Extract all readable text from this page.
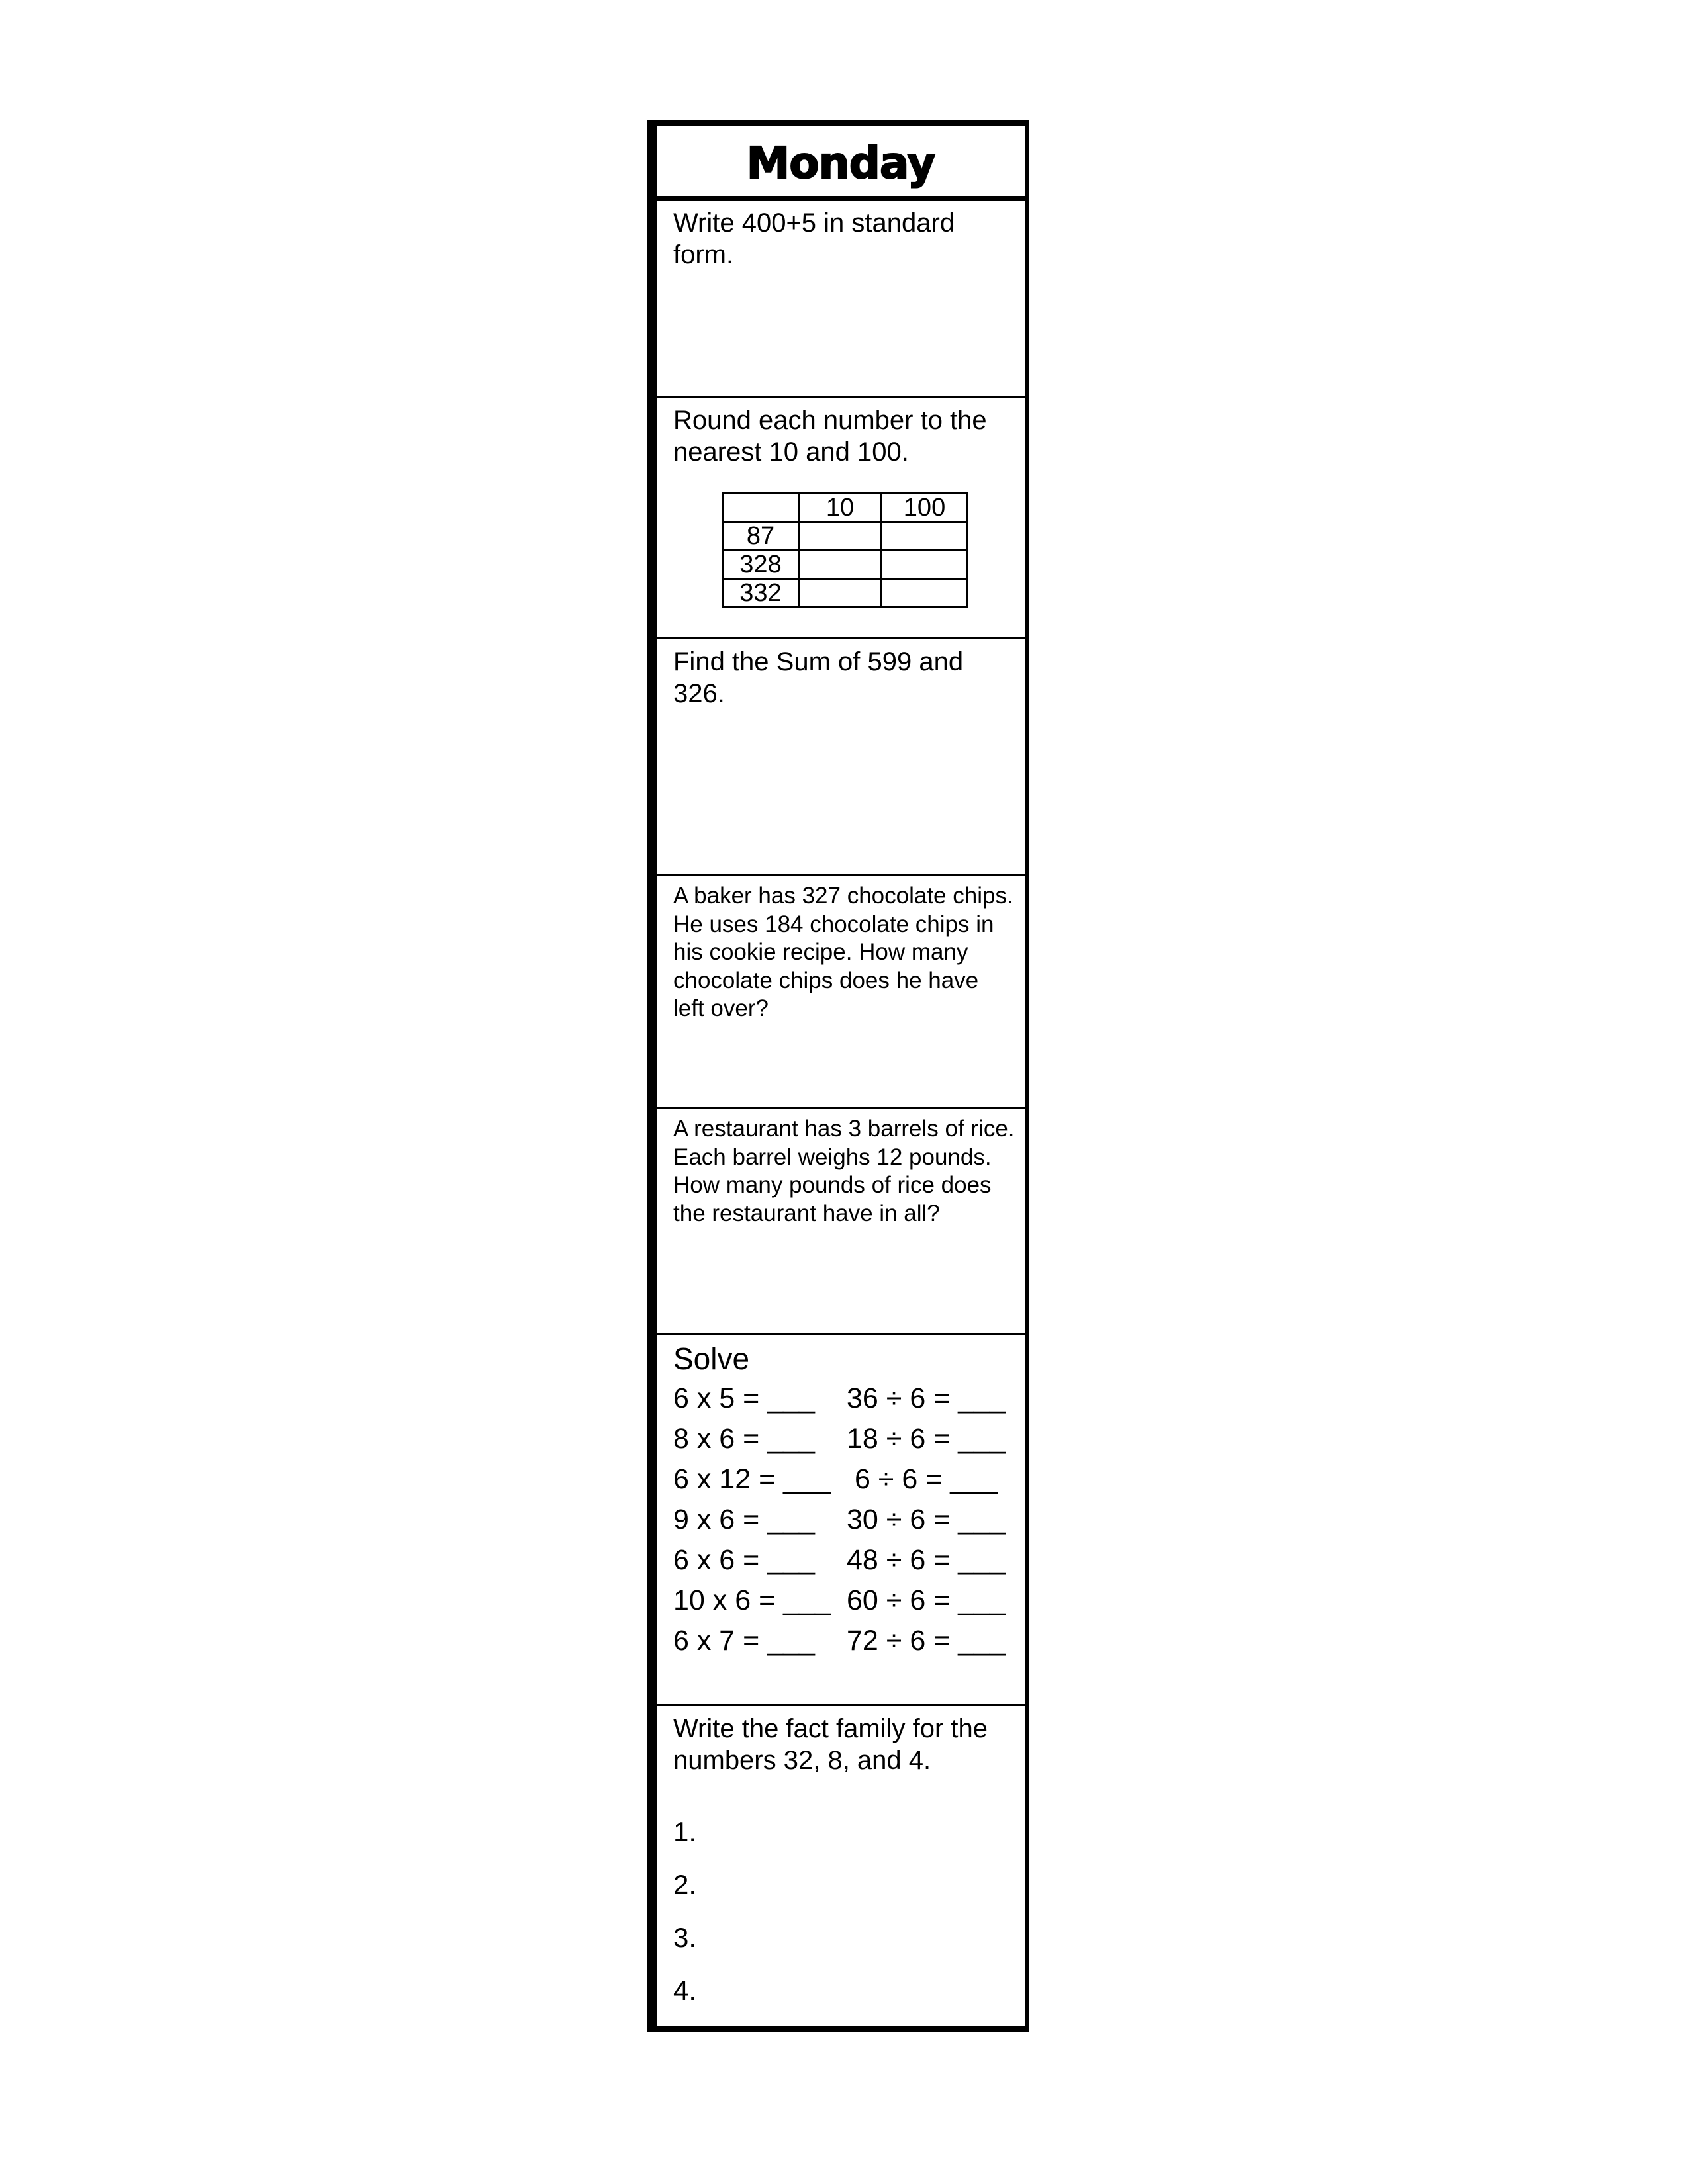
Monday

Write 400+5 in standard form.

Round each number to the nearest 10 and 100.

	10	100
87		
328		
332		

Find the Sum of 599 and 326.

A baker has 327 chocolate chips. He uses 184 chocolate chips in his cookie recipe. How many chocolate chips does he have left over?

A restaurant has 3 barrels of rice. Each barrel weighs 12 pounds. How many pounds of rice does the restaurant have in all?

Solve

6 x 5 = ___ 36 ÷ 6 = ___
8 x 6 = ___ 18 ÷ 6 = ___
6 x 12 = ___ 6 ÷ 6 = ___
9 x 6 = ___ 30 ÷ 6 = ___
6 x 6 = ___ 48 ÷ 6 = ___
10 x 6 = ___ 60 ÷ 6 = ___
6 x 7 = ___ 72 ÷ 6 = ___

Write the fact family for the numbers 32, 8, and 4.

1.
2.
3.
4.
